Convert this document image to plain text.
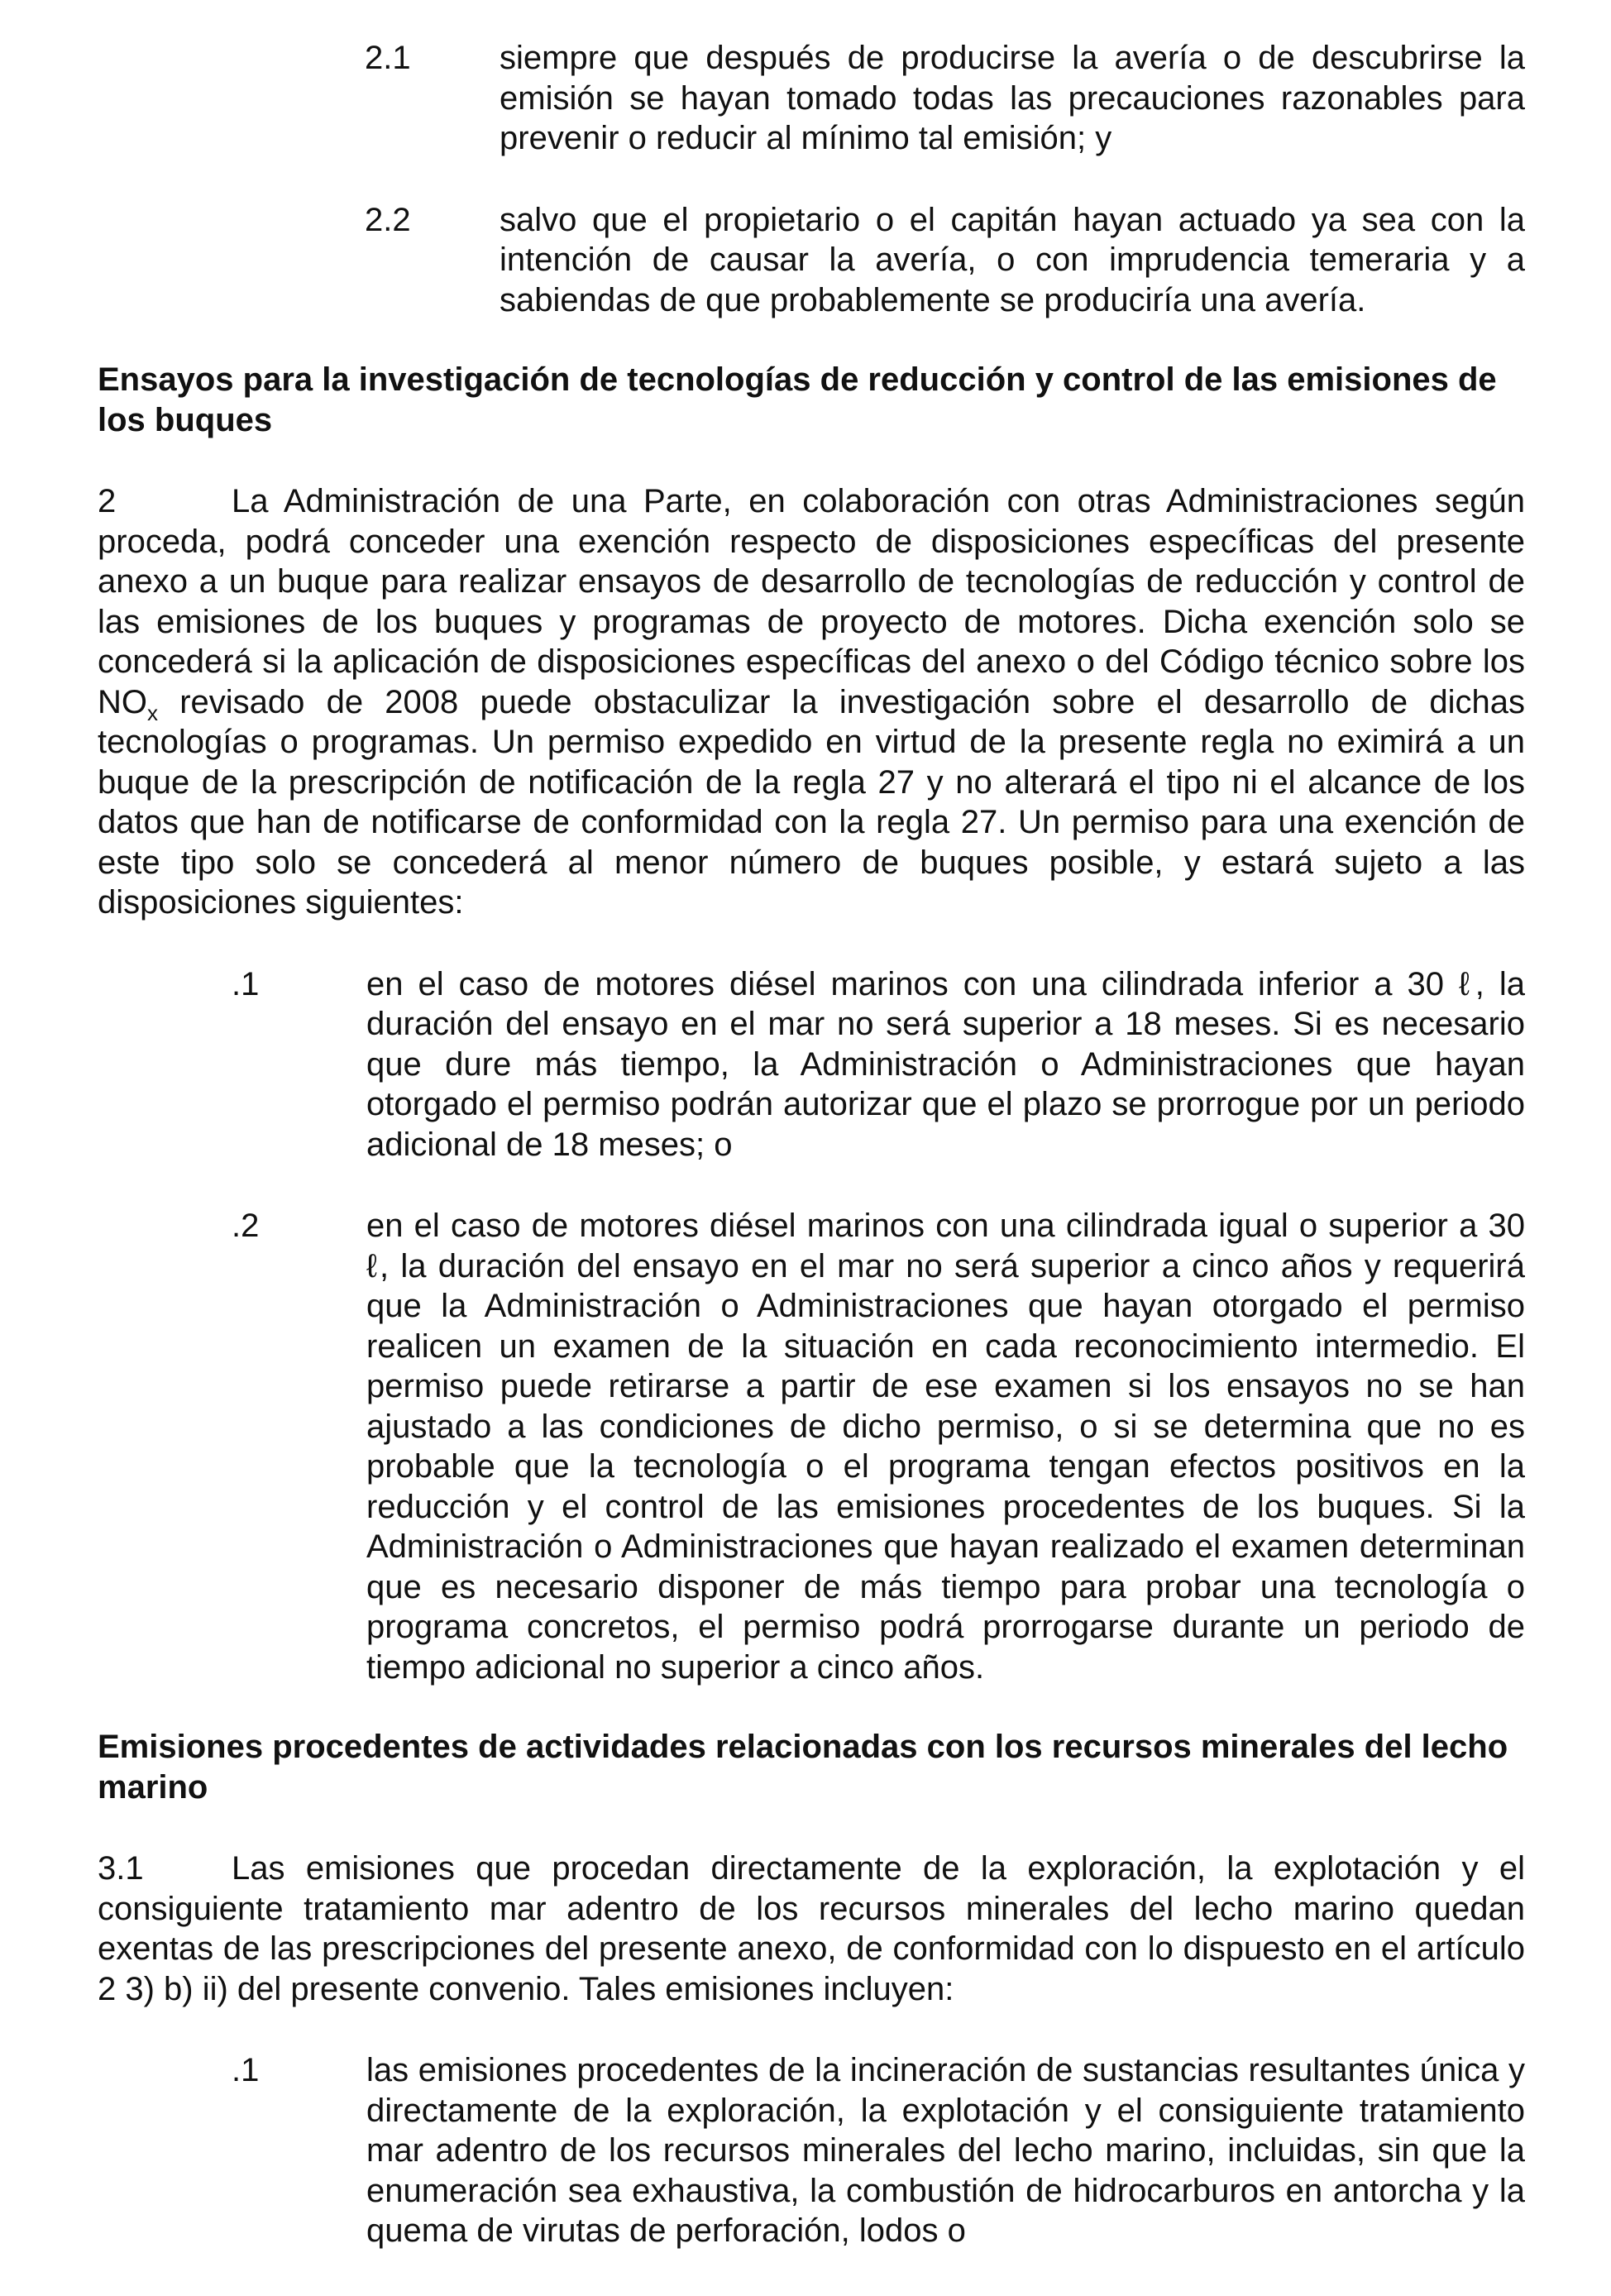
2.1	siempre que después de producirse la avería o de descubrirse la emisión se hayan tomado todas las precauciones razonables para prevenir o reducir al mínimo tal emisión; y
2.2	salvo que el propietario o el capitán hayan actuado ya sea con la intención de causar la avería, o con imprudencia temeraria y a sabiendas de que probablemente se produciría una avería.

Ensayos para la investigación de tecnologías de reducción y control de las emisiones de los buques

2	La Administración de una Parte, en colaboración con otras Administraciones según proceda, podrá conceder una exención respecto de disposiciones específicas del presente anexo a un buque para realizar ensayos de desarrollo de tecnologías de reducción y control de las emisiones de los buques y programas de proyecto de motores. Dicha exención solo se concederá si la aplicación de disposiciones específicas del anexo o del Código técnico sobre los $NO_x$ revisado de 2008 puede obstaculizar la investigación sobre el desarrollo de dichas tecnologías o programas. Un permiso expedido en virtud de la presente regla no eximirá a un buque de la prescripción de notificación de la regla 27 y no alterará el tipo ni el alcance de los datos que han de notificarse de conformidad con la regla 27. Un permiso para una exención de este tipo solo se concederá al menor número de buques posible, y estará sujeto a las disposiciones siguientes:

.1	en el caso de motores diésel marinos con una cilindrada inferior a 30 ℓ, la duración del ensayo en el mar no será superior a 18 meses. Si es necesario que dure más tiempo, la Administración o Administraciones que hayan otorgado el permiso podrán autorizar que el plazo se prorrogue por un periodo adicional de 18 meses; o
.2	en el caso de motores diésel marinos con una cilindrada igual o superior a 30 ℓ, la duración del ensayo en el mar no será superior a cinco años y requerirá que la Administración o Administraciones que hayan otorgado el permiso realicen un examen de la situación en cada reconocimiento intermedio. El permiso puede retirarse a partir de ese examen si los ensayos no se han ajustado a las condiciones de dicho permiso, o si se determina que no es probable que la tecnología o el programa tengan efectos positivos en la reducción y el control de las emisiones procedentes de los buques. Si la Administración o Administraciones que hayan realizado el examen determinan que es necesario disponer de más tiempo para probar una tecnología o programa concretos, el permiso podrá prorrogarse durante un periodo de tiempo adicional no superior a cinco años.

Emisiones procedentes de actividades relacionadas con los recursos minerales del lecho marino

3.1	Las emisiones que procedan directamente de la exploración, la explotación y el consiguiente tratamiento mar adentro de los recursos minerales del lecho marino quedan exentas de las prescripciones del presente anexo, de conformidad con lo dispuesto en el artículo 2 3) b) ii) del presente convenio. Tales emisiones incluyen:

.1	las emisiones procedentes de la incineración de sustancias resultantes única y directamente de la exploración, la explotación y el consiguiente tratamiento mar adentro de los recursos minerales del lecho marino, incluidas, sin que la enumeración sea exhaustiva, la combustión de hidrocarburos en antorcha y la quema de virutas de perforación, lodos o
